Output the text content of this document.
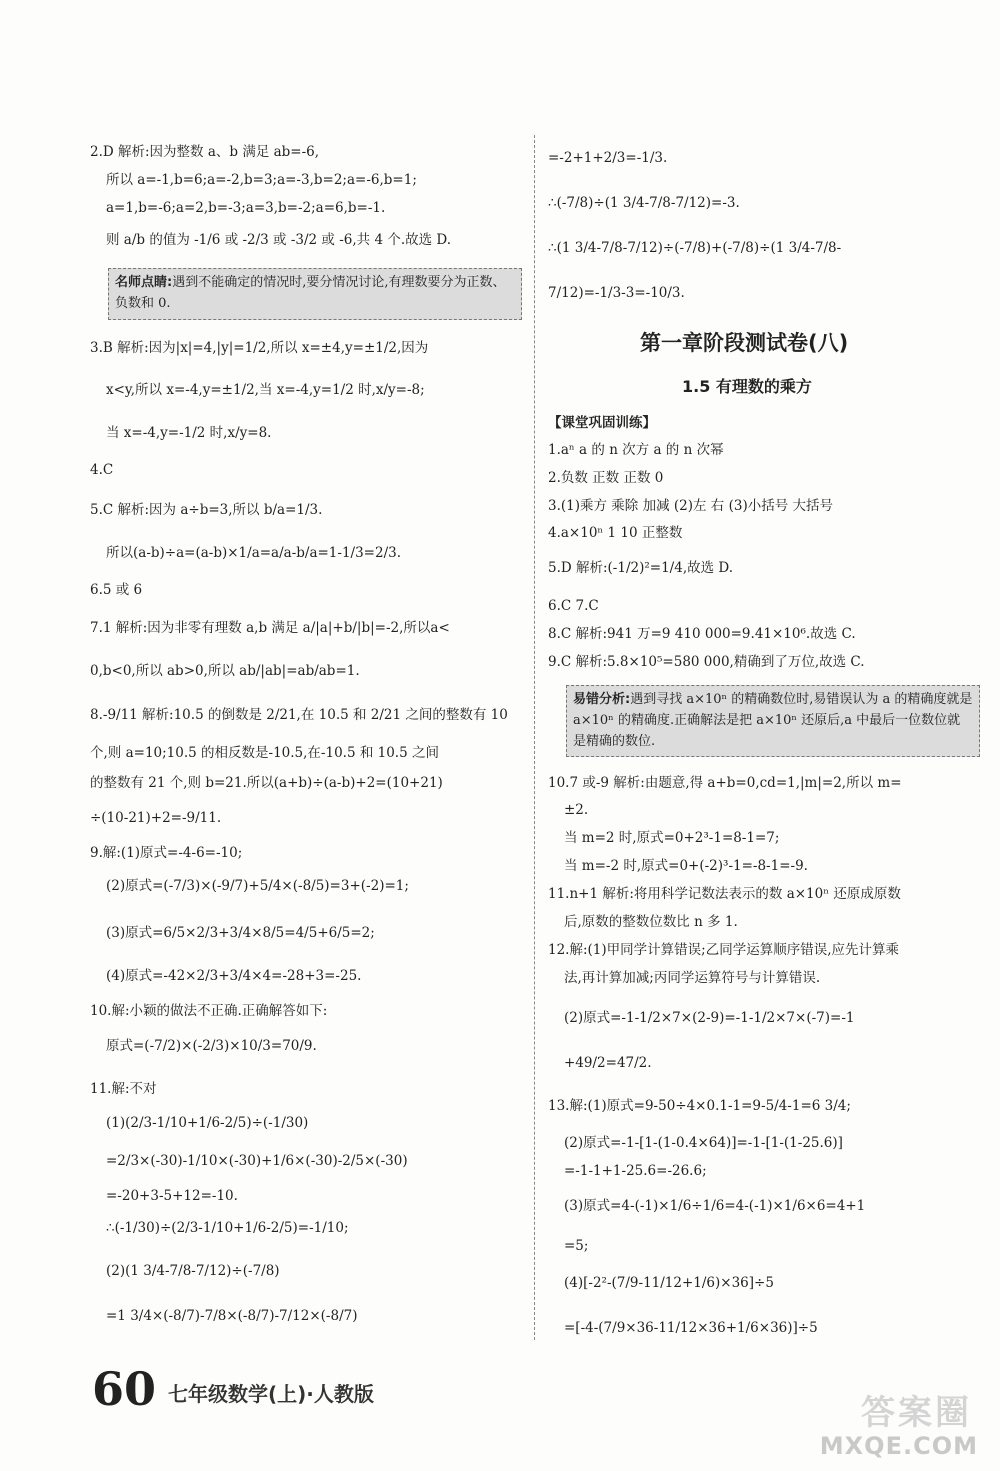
2.D 解析:因为整数 a、b 满足 ab=-6,
所以 a=-1,b=6;a=-2,b=3;a=-3,b=2;a=-6,b=1;
a=1,b=-6;a=2,b=-3;a=3,b=-2;a=6,b=-1.
则 a/b 的值为 -1/6 或 -2/3 或 -3/2 或 -6,共 4 个.故选 D.
3.B 解析:因为|x|=4,|y|=1/2,所以 x=±4,y=±1/2,因为
x<y,所以 x=-4,y=±1/2,当 x=-4,y=1/2 时,x/y=-8;
当 x=-4,y=-1/2 时,x/y=8.
4.C
5.C 解析:因为 a÷b=3,所以 b/a=1/3.
所以(a-b)÷a=(a-b)×1/a=a/a-b/a=1-1/3=2/3.
6.5 或 6
7.1 解析:因为非零有理数 a,b 满足 a/|a|+b/|b|=-2,所以a<
0,b<0,所以 ab>0,所以 ab/|ab|=ab/ab=1.
8.-9/11 解析:10.5 的倒数是 2/21,在 10.5 和 2/21 之间的整数有 10
个,则 a=10;10.5 的相反数是-10.5,在-10.5 和 10.5 之间
的整数有 21 个,则 b=21.所以(a+b)÷(a-b)+2=(10+21)
÷(10-21)+2=-9/11.
9.解:(1)原式=-4-6=-10;
(2)原式=(-7/3)×(-9/7)+5/4×(-8/5)=3+(-2)=1;
(3)原式=6/5×2/3+3/4×8/5=4/5+6/5=2;
(4)原式=-42×2/3+3/4×4=-28+3=-25.
10.解:小颖的做法不正确.正确解答如下:
原式=(-7/2)×(-2/3)×10/3=70/9.
11.解:不对
(1)(2/3-1/10+1/6-2/5)÷(-1/30)
=2/3×(-30)-1/10×(-30)+1/6×(-30)-2/5×(-30)
=-20+3-5+12=-10.
∴(-1/30)÷(2/3-1/10+1/6-2/5)=-1/10;
(2)(1 3/4-7/8-7/12)÷(-7/8)
=1 3/4×(-8/7)-7/8×(-8/7)-7/12×(-8/7)
=-2+1+2/3=-1/3.
∴(-7/8)÷(1 3/4-7/8-7/12)=-3.
∴(1 3/4-7/8-7/12)÷(-7/8)+(-7/8)÷(1 3/4-7/8-
7/12)=-1/3-3=-10/3.
【课堂巩固训练】
1.aⁿ a 的 n 次方 a 的 n 次幂
2.负数 正数 正数 0
3.(1)乘方 乘除 加减 (2)左 右 (3)小括号 大括号
4.a×10ⁿ 1 10 正整数
5.D 解析:(-1/2)²=1/4,故选 D.
6.C 7.C
8.C 解析:941 万=9 410 000=9.41×10⁶.故选 C.
9.C 解析:5.8×10⁵=580 000,精确到了万位,故选 C.
10.7 或-9 解析:由题意,得 a+b=0,cd=1,|m|=2,所以 m=
±2.
当 m=2 时,原式=0+2³-1=8-1=7;
当 m=-2 时,原式=0+(-2)³-1=-8-1=-9.
11.n+1 解析:将用科学记数法表示的数 a×10ⁿ 还原成原数
后,原数的整数位数比 n 多 1.
12.解:(1)甲同学计算错误;乙同学运算顺序错误,应先计算乘
法,再计算加减;丙同学运算符号与计算错误.
(2)原式=-1-1/2×7×(2-9)=-1-1/2×7×(-7)=-1
+49/2=47/2.
13.解:(1)原式=9-50÷4×0.1-1=9-5/4-1=6 3/4;
(2)原式=-1-[1-(1-0.4×64)]=-1-[1-(1-25.6)]
=-1-1+1-25.6=-26.6;
(3)原式=4-(-1)×1/6÷1/6=4-(-1)×1/6×6=4+1
=5;
(4)[-2²-(7/9-11/12+1/6)×36]÷5
=[-4-(7/9×36-11/12×36+1/6×36)]÷5
名师点睛:遇到不能确定的情况时,要分情况讨论,有理数要分为正数、负数和 0.
易错分析:遇到寻找 a×10ⁿ 的精确数位时,易错误认为 a 的精确度就是 a×10ⁿ 的精确度.正确解法是把 a×10ⁿ 还原后,a 中最后一位数位就是精确的数位.
第一章阶段测试卷(八)
1.5 有理数的乘方
60 七年级数学(上)·人教版	答案圈
MXQE.COM
